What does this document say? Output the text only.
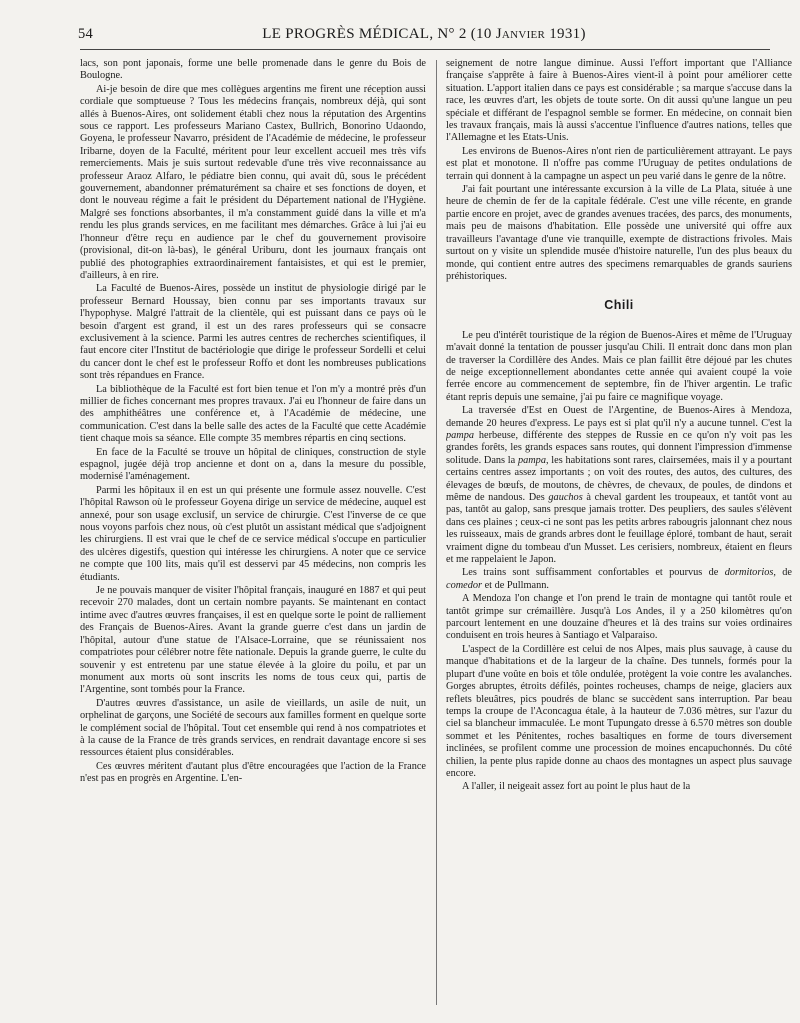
54	LE PROGRÈS MÉDICAL, N° 2 (10 Janvier 1931)

lacs, son pont japonais, forme une belle promenade dans le genre du Bois de Boulogne.

Ai-je besoin de dire que mes collègues argentins me firent une réception aussi cordiale que somptueuse ? Tous les médecins français, nombreux déjà, qui sont allés à Buenos-Aires, ont solidement établi chez nous la réputation des Argentins sous ce rapport. Les professeurs Mariano Castex, Bullrich, Bonorino Udaondo, Goyena, le professeur Navarro, président de l'Académie de médecine, le professeur Iribarne, doyen de la Faculté, méritent pour leur excellent accueil mes très vifs remerciements. Mais je suis surtout redevable d'une très vive reconnaissance au professeur Araoz Alfaro, le pédiatre bien connu, qui avait dû, sous le précédent gouvernement, abandonner prématurément sa chaire et ses fonctions de doyen, et dont le nouveau régime a fait le président du Département national de l'Hygiène. Malgré ses fonctions absorbantes, il m'a constamment guidé dans la ville et m'a rendu les plus grands services, en me facilitant mes démarches. Grâce à lui j'ai eu l'honneur d'être reçu en audience par le chef du gouvernement provisoire (provisional, dit-on là-bas), le général Uriburu, dont les journaux français ont publié des photographies extraordinairement fantaisistes, et qui est le premier, d'ailleurs, à en rire.

La Faculté de Buenos-Aires, possède un institut de physiologie dirigé par le professeur Bernard Houssay, bien connu par ses importants travaux sur l'hypophyse. Malgré l'attrait de la clientèle, qui est puissant dans ce pays où le besoin d'argent est grand, il est un des rares professeurs qui se consacre exclusivement à la science. Parmi les autres centres de recherches scientifiques, il faut encore citer l'Institut de bactériologie que dirige le professeur Sordelli et celui du cancer dont le chef est le professeur Roffo et dont les nombreuses publications sont très répandues en France.

La bibliothèque de la Faculté est fort bien tenue et l'on m'y a montré près d'un millier de fiches concernant mes propres travaux. J'ai eu l'honneur de faire dans un des amphithéâtres une conférence et, à l'Académie de médecine, une communication. C'est dans la belle salle des actes de la Faculté que cette Académie tient chaque mois sa séance. Elle compte 35 membres répartis en cinq sections.

En face de la Faculté se trouve un hôpital de cliniques, construction de style espagnol, jugée déjà trop ancienne et dont on a, dans la mesure du possible, modernisé l'aménagement.

Parmi les hôpitaux il en est un qui présente une formule assez nouvelle. C'est l'hôpital Rawson où le professeur Goyena dirige un service de médecine, auquel est annexé, pour son usage exclusif, un service de chirurgie. C'est l'inverse de ce que nous voyons parfois chez nous, où c'est plutôt un assistant médical que s'adjoignent les chirurgiens. Il est vrai que le chef de ce service médical s'occupe en particulier des ulcères digestifs, question qui intéresse les chirurgiens. A noter que ce service ne compte que 100 lits, mais qu'il est desservi par 45 médecins, non compris les étudiants.

Je ne pouvais manquer de visiter l'hôpital français, inauguré en 1887 et qui peut recevoir 270 malades, dont un certain nombre payants. Se maintenant en contact intime avec d'autres œuvres françaises, il est en quelque sorte le point de ralliement des Français de Buenos-Aires. Avant la grande guerre c'est dans un jardin de l'hôpital, autour d'une statue de l'Alsace-Lorraine, que se réunissaient nos compatriotes pour célébrer notre fête nationale. Depuis la grande guerre, le culte du souvenir y est entretenu par une statue élevée à la gloire du poilu, et par un monument aux morts où sont inscrits les noms de tous ceux qui, partis de l'Argentine, sont tombés pour la France.

D'autres œuvres d'assistance, un asile de vieillards, un asile de nuit, un orphelinat de garçons, une Société de secours aux familles forment en quelque sorte le complément social de l'hôpital. Tout cet ensemble qui rend à nos compatriotes et à la cause de la France de très grands services, en rendrait davantage encore si ses ressources étaient plus considérables.

Ces œuvres méritent d'autant plus d'être encouragées que l'action de la France n'est pas en progrès en Argentine. L'en-

seignement de notre langue diminue. Aussi l'effort important que l'Alliance française s'apprête à faire à Buenos-Aires vient-il à point pour améliorer cette situation. L'apport italien dans ce pays est considérable ; sa marque s'accuse dans la race, les œuvres d'art, les objets de toute sorte. On dit aussi qu'une langue un peu spéciale et différant de l'espagnol semble se former. En médecine, on connait bien les travaux français, mais là aussi s'accentue l'influence d'autres nations, telles que l'Allemagne et les Etats-Unis.

Les environs de Buenos-Aires n'ont rien de particulièrement attrayant. Le pays est plat et monotone. Il n'offre pas comme l'Uruguay de petites ondulations de terrain qui donnent à la campagne un aspect un peu varié dans le genre de la nôtre.

J'ai fait pourtant une intéressante excursion à la ville de La Plata, située à une heure de chemin de fer de la capitale fédérale. C'est une ville récente, en grande partie encore en projet, avec de grandes avenues tracées, des parcs, des monuments, mais peu de maisons d'habitation. Elle possède une université qui offre aux travailleurs l'avantage d'une vie tranquille, exempte de distractions frivoles. Mais surtout on y visite un splendide musée d'histoire naturelle, l'un des plus beaux du monde, qui contient entre autres des specimens remarquables de grands sauriens préhistoriques.

Chili

Le peu d'intérêt touristique de la région de Buenos-Aires et même de l'Uruguay m'avait donné la tentation de pousser jusqu'au Chili. Il entrait donc dans mon plan de traverser la Cordillère des Andes. Mais ce plan faillit être déjoué par les chutes de neige exceptionnellement abondantes cette année qui avaient coupé la voie ferrée encore au commencement de septembre, fin de l'hiver argentin. Le trafic étant repris depuis une semaine, j'ai pu faire ce magnifique voyage.

La traversée d'Est en Ouest de l'Argentine, de Buenos-Aires à Mendoza, demande 20 heures d'express. Le pays est si plat qu'il n'y a aucune tunnel. C'est la pampa herbeuse, différente des steppes de Russie en ce qu'on n'y voit pas les grandes forêts, les grands espaces sans routes, qui donnent l'impression d'immense solitude. Dans la pampa, les habitations sont rares, clairsemées, mais il y a pourtant certains centres assez importants ; on voit des routes, des autos, des cultures, des élevages de bœufs, de moutons, de chèvres, de chevaux, de poules, de dindons et même de nandous. Des gauchos à cheval gardent les troupeaux, et tantôt vont au pas, tantôt au galop, sans presque jamais trotter. Des peupliers, des saules s'élèvent dans ces plaines ; ceux-ci ne sont pas les petits arbres rabougris jalonnant chez nous les ruisseaux, mais de grands arbres dont le feuillage éploré, tombant de haut, serait vraiment digne du tombeau d'un Musset. Les cerisiers, nombreux, étaient en fleurs et me rappelaient le Japon.

Les trains sont suffisamment confortables et pourvus de dormitorios, de comedor et de Pullmann.

A Mendoza l'on change et l'on prend le train de montagne qui tantôt roule et tantôt grimpe sur crémaillère. Jusqu'à Los Andes, il y a 250 kilomètres qu'on parcourt lentement en une douzaine d'heures et là des trains sur voies ordinaires conduisent en trois heures à Santiago et Valparaiso.

L'aspect de la Cordillère est celui de nos Alpes, mais plus sauvage, à cause du manque d'habitations et de la largeur de la chaîne. Des tunnels, formés pour la plupart d'une voûte en bois et tôle ondulée, protègent la voie contre les avalanches. Gorges abruptes, étroits défilés, pointes rocheuses, champs de neige, glaciers aux reflets bleuâtres, pics poudrés de blanc se succèdent sans interruption. Par beau temps la croupe de l'Aconcagua étale, à la hauteur de 7.036 mètres, sur l'azur du ciel sa blancheur immaculée. Le mont Tupungato dresse à 6.570 mètres son double sommet et les Pénitentes, roches basaltiques en forme de tours diversement inclinées, se profilent comme une procession de moines encapuchonnés. Du côté chilien, la pente plus rapide donne au chaos des montagnes un aspect plus sauvage encore.

A l'aller, il neigeait assez fort au point le plus haut de la
